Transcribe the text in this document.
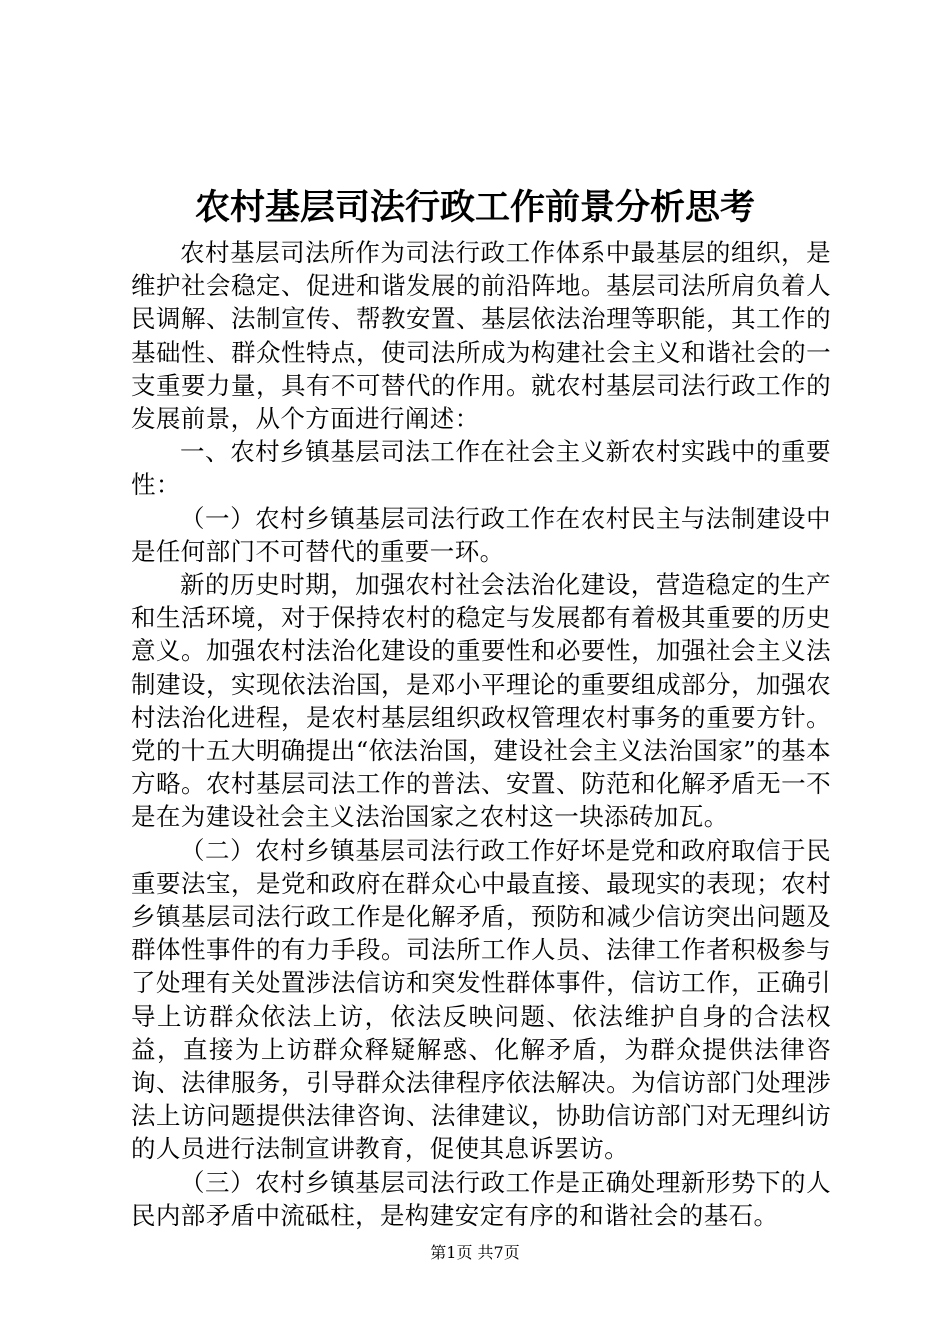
农村基层司法行政工作前景分析思考

农村基层司法所作为司法行政工作体系中最基层的组织，是维护社会稳定、促进和谐发展的前沿阵地。基层司法所肩负着人民调解、法制宣传、帮教安置、基层依法治理等职能，其工作的基础性、群众性特点，使司法所成为构建社会主义和谐社会的一支重要力量，具有不可替代的作用。就农村基层司法行政工作的发展前景，从个方面进行阐述：

一、农村乡镇基层司法工作在社会主义新农村实践中的重要性：

（一）农村乡镇基层司法行政工作在农村民主与法制建设中是任何部门不可替代的重要一环。

新的历史时期，加强农村社会法治化建设，营造稳定的生产和生活环境，对于保持农村的稳定与发展都有着极其重要的历史意义。加强农村法治化建设的重要性和必要性，加强社会主义法制建设，实现依法治国，是邓小平理论的重要组成部分，加强农村法治化进程，是农村基层组织政权管理农村事务的重要方针。党的十五大明确提出“依法治国，建设社会主义法治国家”的基本方略。农村基层司法工作的普法、安置、防范和化解矛盾无一不是在为建设社会主义法治国家之农村这一块添砖加瓦。

（二）农村乡镇基层司法行政工作好坏是党和政府取信于民重要法宝，是党和政府在群众心中最直接、最现实的表现；农村乡镇基层司法行政工作是化解矛盾，预防和减少信访突出问题及群体性事件的有力手段。司法所工作人员、法律工作者积极参与了处理有关处置涉法信访和突发性群体事件，信访工作，正确引导上访群众依法上访，依法反映问题、依法维护自身的合法权益，直接为上访群众释疑解惑、化解矛盾，为群众提供法律咨询、法律服务，引导群众法律程序依法解决。为信访部门处理涉法上访问题提供法律咨询、法律建议，协助信访部门对无理纠访的人员进行法制宣讲教育，促使其息诉罢访。

（三）农村乡镇基层司法行政工作是正确处理新形势下的人民内部矛盾中流砥柱，是构建安定有序的和谐社会的基石。

第1页 共7页
